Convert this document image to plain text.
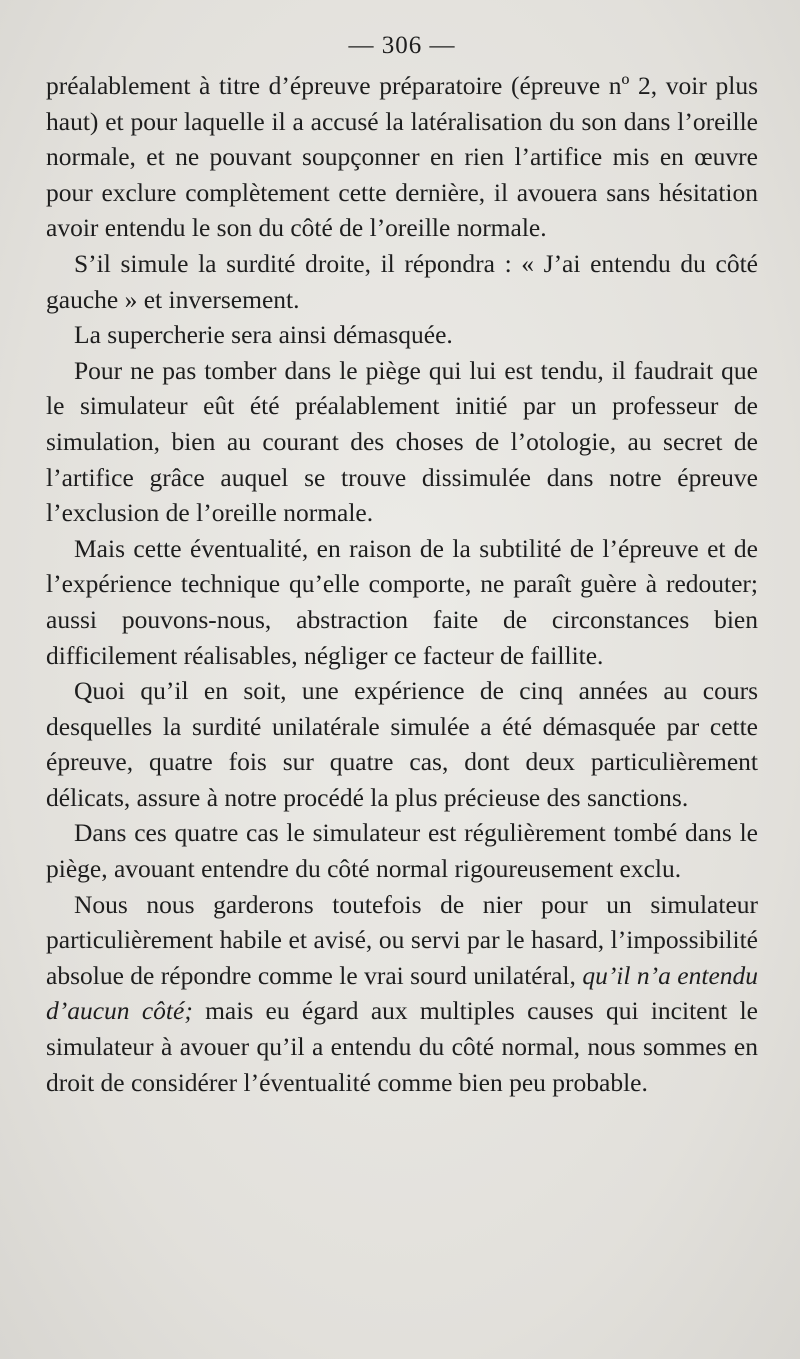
— 306 —

préalablement à titre d’épreuve préparatoire (épreuve nº 2, voir plus haut) et pour laquelle il a accusé la latéralisation du son dans l’oreille normale, et ne pouvant soupçonner en rien l’artifice mis en œuvre pour exclure complètement cette dernière, il avouera sans hésitation avoir entendu le son du côté de l’oreille normale.

S’il simule la surdité droite, il répondra : « J’ai entendu du côté gauche » et inversement.

La supercherie sera ainsi démasquée.

Pour ne pas tomber dans le piège qui lui est tendu, il faudrait que le simulateur eût été préalablement initié par un professeur de simulation, bien au courant des choses de l’otologie, au secret de l’artifice grâce auquel se trouve dissimulée dans notre épreuve l’exclusion de l’oreille normale.

Mais cette éventualité, en raison de la subtilité de l’épreuve et de l’expérience technique qu’elle comporte, ne paraît guère à redouter; aussi pouvons-nous, abstraction faite de circonstances bien difficilement réalisables, négliger ce facteur de faillite.

Quoi qu’il en soit, une expérience de cinq années au cours desquelles la surdité unilatérale simulée a été démasquée par cette épreuve, quatre fois sur quatre cas, dont deux particulièrement délicats, assure à notre procédé la plus précieuse des sanctions.

Dans ces quatre cas le simulateur est régulièrement tombé dans le piège, avouant entendre du côté normal rigoureusement exclu.

Nous nous garderons toutefois de nier pour un simulateur particulièrement habile et avisé, ou servi par le hasard, l’impossibilité absolue de répondre comme le vrai sourd unilatéral, qu’il n’a entendu d’aucun côté; mais eu égard aux multiples causes qui incitent le simulateur à avouer qu’il a entendu du côté normal, nous sommes en droit de considérer l’éventualité comme bien peu probable.
